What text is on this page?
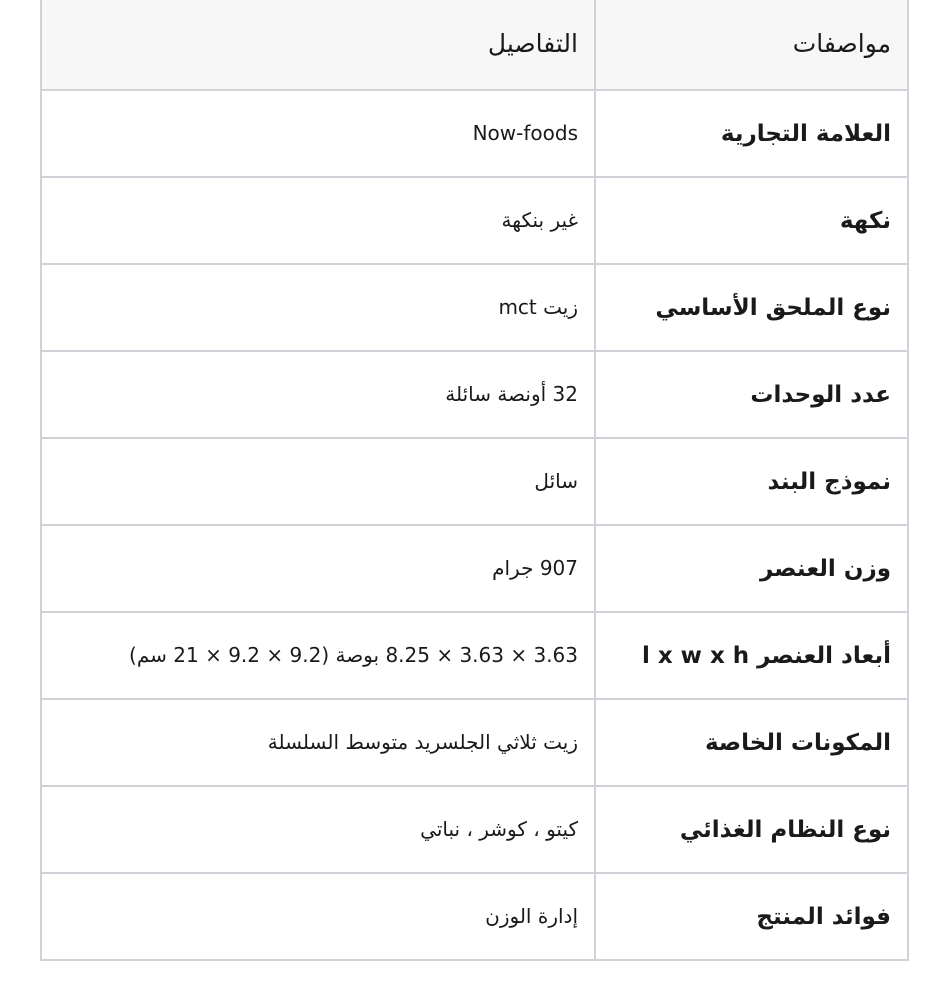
مواصفات	التفاصيل
العلامة التجارية	Now-foods
نكهة	غير بنكهة
نوع الملحق الأساسي	زيت mct
عدد الوحدات	32 أونصة سائلة
نموذج البند	سائل
وزن العنصر	907 جرام
أبعاد العنصر l x w x h	3.63 × 3.63 × 8.25 بوصة (9.2 × 9.2 × 21 سم)
المكونات الخاصة	زيت ثلاثي الجلسريد متوسط السلسلة
نوع النظام الغذائي	كيتو ، كوشر ، نباتي
فوائد المنتج	إدارة الوزن
